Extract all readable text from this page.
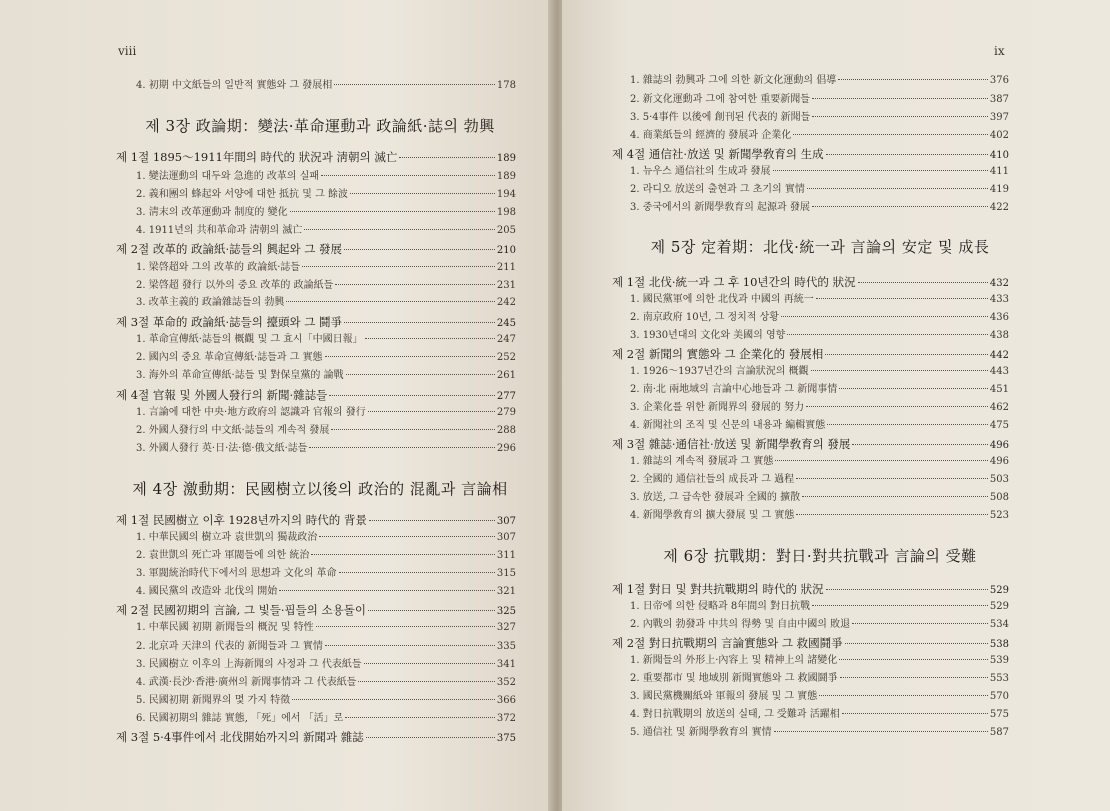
viii
4. 初期 中文紙들의 일반적 實態와 그 發展相	178
제 3장 政論期：變法·革命運動과 政論紙·誌의 勃興
제 1절 1895～1911年間의 時代的 狀況과 淸朝의 滅亡	189
1. 變法運動의 대두와 急進的 改革의 실패	189
2. 義和團의 蜂起와 서양에 대한 抵抗 및 그 餘波	194
3. 淸末의 改革運動과 制度的 變化	198
4. 1911년의 共和革命과 淸朝의 滅亡	205
제 2절 改革的 政論紙·誌들의 興起와 그 發展	210
1. 梁啓超와 그의 改革的 政論紙·誌들	211
2. 梁啓超 發行 以外의 중요 改革的 政論紙들	231
3. 改革主義的 政論雜誌들의 勃興	242
제 3절 革命的 政論紙·誌들의 擡頭와 그 鬪爭	245
1. 革命宣傳紙·誌들의 概觀 및 그 효시「中國日報」	247
2. 國內의 중요 革命宣傳紙·誌들과 그 實態	252
3. 海外의 革命宣傳紙·誌들 및 對保皇黨的 論戰	261
제 4절 官報 및 外國人發行의 新聞·雜誌들	277
1. 言論에 대한 中央·地方政府의 認識과 官報의 發行	279
2. 外國人發行의 中文紙·誌들의 계속적 發展	288
3. 外國人發行 英·日·法·德·俄文紙·誌들	296
제 4장 激動期：民國樹立以後의 政治的 混亂과 言論相
제 1절 民國樹立 이후 1928년까지의 時代的 背景	307
1. 中華民國의 樹立과 袁世凱의 獨裁政治	307
2. 袁世凱의 死亡과 軍閥들에 의한 統治	311
3. 軍閥統治時代下에서의 思想과 文化의 革命	315
4. 國民黨의 改造와 北伐의 開始	321
제 2절 民國初期의 言論, 그 빛들·핍들의 소용돌이	325
1. 中華民國 初期 新聞들의 概況 및 特性	327
2. 北京과 天津의 代表的 新聞들과 그 實情	335
3. 民國樹立 이후의 上海新聞의 사정과 그 代表紙들	341
4. 武漢·長沙·香港·廣州의 新聞事情과 그 代表紙들	352
5. 民國初期 新聞界의 몇 가지 特徵	366
6. 民國初期의 雜誌 實態, 「死」에서 「活」로	372
제 3절 5·4事件에서 北伐開始까지의 新聞과 雜誌	375
ix
1. 雜誌의 勃興과 그에 의한 新文化運動의 倡導	376
2. 新文化運動과 그에 참여한 重要新聞들	387
3. 5·4事件 以後에 創刊된 代表的 新聞들	397
4. 商業紙들의 經濟的 發展과 企業化	402
제 4절 通信社·放送 및 新聞學敎育의 生成	410
1. 뉴우스 通信社의 生成과 發展	411
2. 라디오 放送의 출현과 그 초기의 實情	419
3. 중국에서의 新聞學敎育의 起源과 發展	422
제 5장 定着期：北伐·統一과 言論의 安定 및 成長
제 1절 北伐·統一과 그 후 10년간의 時代的 狀況	432
1. 國民黨軍에 의한 北伐과 中國의 再統一	433
2. 南京政府 10년, 그 정치적 상황	436
3. 1930년대의 文化와 美國의 영향	438
제 2절 新聞의 實態와 그 企業化的 發展相	442
1. 1926～1937년간의 言論狀況의 概觀	443
2. 南·北 兩地域의 言論中心地들과 그 新聞事情	451
3. 企業化를 위한 新聞界의 發展的 努力	462
4. 新聞社의 조직 및 신문의 내용과 編輯實態	475
제 3절 雜誌·通信社·放送 및 新聞學敎育의 發展	496
1. 雜誌의 계속적 發展과 그 實態	496
2. 全國的 通信社들의 成長과 그 過程	503
3. 放送, 그 급속한 發展과 全國的 擴散	508
4. 新聞學敎育의 擴大發展 및 그 實態	523
제 6장 抗戰期：對日·對共抗戰과 言論의 受難
제 1절 對日 및 對共抗戰期의 時代的 狀況	529
1. 日帝에 의한 侵略과 8年間의 對日抗戰	529
2. 內戰의 勃發과 中共의 得勢 및 自由中國의 敗退	534
제 2절 對日抗戰期의 言論實態와 그 救國鬪爭	538
1. 新聞들의 外形上·內容上 및 精神上의 諸變化	539
2. 重要都市 및 地域別 新聞實態와 그 救國鬪爭	553
3. 國民黨機關紙와 軍報의 發展 및 그 實態	570
4. 對日抗戰期의 放送의 실태, 그 受難과 活躍相	575
5. 通信社 및 新聞學敎育의 實情	587
